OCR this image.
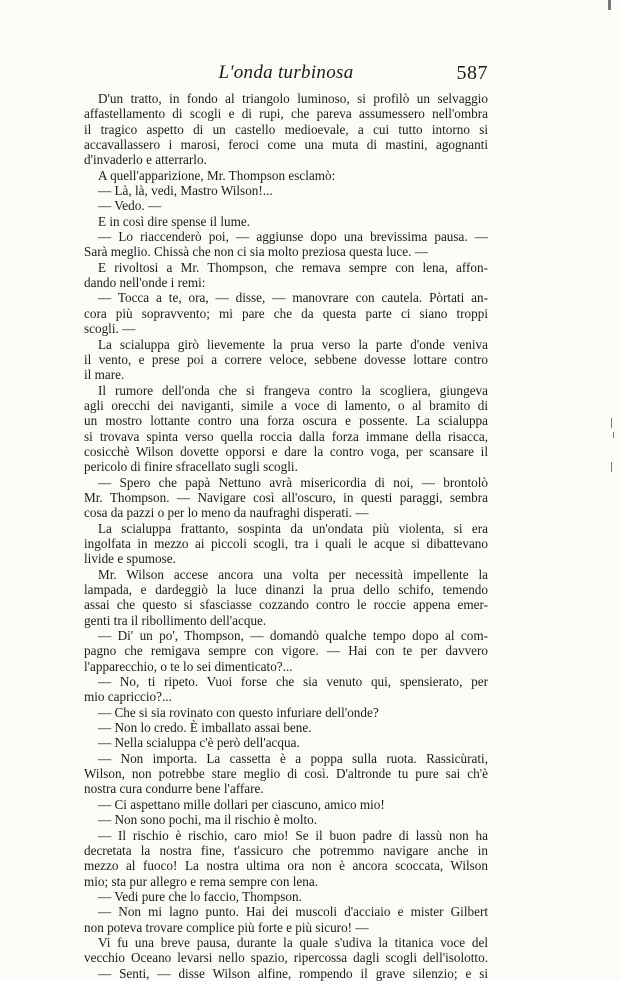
L'onda turbinosa	587
D'un tratto, in fondo al triangolo luminoso, si profilò un selvaggio
affastellamento di scogli e di rupi, che pareva assumessero nell'ombra
il tragico aspetto di un castello medioevale, a cui tutto intorno si
accavallassero i marosi, feroci come una muta di mastini, agognanti
d'invaderlo e atterrarlo.
A quell'apparizione, Mr. Thompson esclamò:
— Là, là, vedi, Mastro Wilson!...
— Vedo. —
E in così dire spense il lume.
— Lo riaccenderò poi, — aggiunse dopo una brevissima pausa. —
Sarà meglio. Chissà che non ci sia molto preziosa questa luce. —
E rivoltosi a Mr. Thompson, che remava sempre con lena, affon-
dando nell'onde i remi:
— Tocca a te, ora, — disse, — manovrare con cautela. Pòrtati an-
cora più sopravvento; mi pare che da questa parte ci siano troppi
scogli. —
La scialuppa girò lievemente la prua verso la parte d'onde veniva
il vento, e prese poi a correre veloce, sebbene dovesse lottare contro
il mare.
Il rumore dell'onda che si frangeva contro la scogliera, giungeva
agli orecchi dei naviganti, simile a voce di lamento, o al bramito di
un mostro lottante contro una forza oscura e possente. La scialuppa
si trovava spinta verso quella roccia dalla forza immane della risacca,
cosicchè Wilson dovette opporsi e dare la contro voga, per scansare il
pericolo di finire sfracellato sugli scogli.
— Spero che papà Nettuno avrà misericordia di noi, — brontolò
Mr. Thompson. — Navigare così all'oscuro, in questi paraggi, sembra
cosa da pazzi o per lo meno da naufraghi disperati. —
La scialuppa frattanto, sospinta da un'ondata più violenta, si era
ingolfata in mezzo ai piccoli scogli, tra i quali le acque si dibattevano
livide e spumose.
Mr. Wilson accese ancora una volta per necessità impellente la
lampada, e dardeggiò la luce dinanzi la prua dello schifo, temendo
assai che questo si sfasciasse cozzando contro le roccie appena emer-
genti tra il ribollimento dell'acque.
— Di' un po', Thompson, — domandò qualche tempo dopo al com-
pagno che remigava sempre con vigore. — Hai con te per davvero
l'apparecchio, o te lo sei dimenticato?...
— No, ti ripeto. Vuoi forse che sia venuto qui, spensierato, per
mio capriccio?...
— Che si sia rovinato con questo infuriare dell'onde?
— Non lo credo. È imballato assai bene.
— Nella scialuppa c'è però dell'acqua.
— Non importa. La cassetta è a poppa sulla ruota. Rassicùrati,
Wilson, non potrebbe stare meglio di così. D'altronde tu pure sai ch'è
nostra cura condurre bene l'affare.
— Ci aspettano mille dollari per ciascuno, amico mio!
— Non sono pochi, ma il rischio è molto.
— Il rischio è rischio, caro mio! Se il buon padre di lassù non ha
decretata la nostra fine, t'assicuro che potremmo navigare anche in
mezzo al fuoco! La nostra ultima ora non è ancora scoccata, Wilson
mio; sta pur allegro e rema sempre con lena.
— Vedi pure che lo faccio, Thompson.
— Non mi lagno punto. Hai dei muscoli d'acciaio e mister Gilbert
non poteva trovare complice più forte e più sicuro! —
Vi fu una breve pausa, durante la quale s'udiva la titanica voce del
vecchio Oceano levarsi nello spazio, ripercossa dagli scogli dell'isolotto.
— Senti, — disse Wilson alfine, rompendo il grave silenzio; e si
